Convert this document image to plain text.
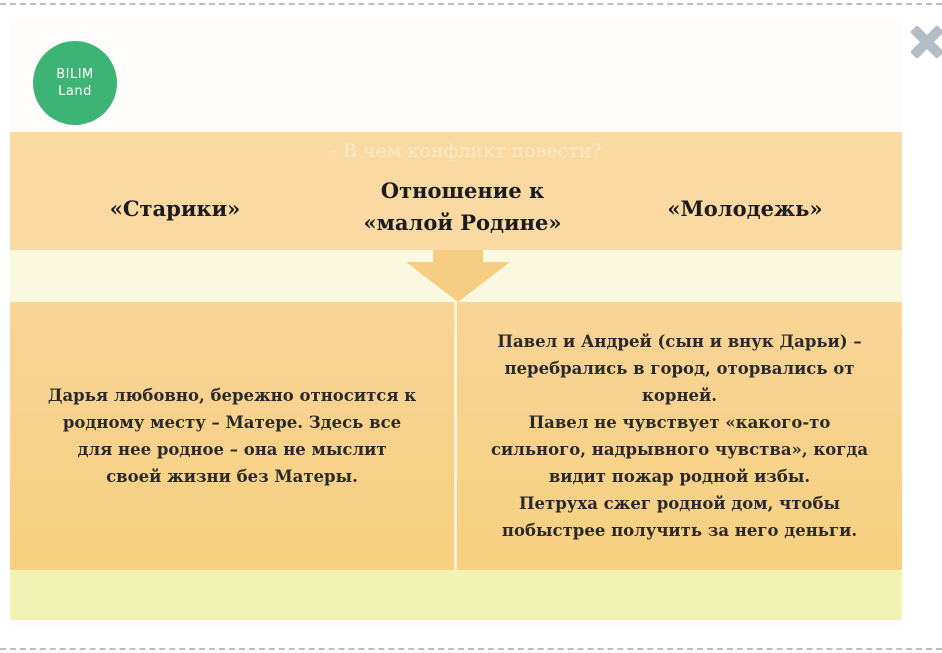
BILIM
Land
- В чем конфликт повести?
«Старики»
Отношение к
«малой Родине»
«Молодежь»
Дарья любовно, бережно относится к
родному месту – Матере. Здесь все
для нее родное – она не мыслит
своей жизни без Матеры.
Павел и Андрей (сын и внук Дарьи) –
перебрались в город, оторвались от
корней.
Павел не чувствует «какого-то
сильного, надрывного чувства», когда
видит пожар родной избы.
Петруха сжег родной дом, чтобы
побыстрее получить за него деньги.
